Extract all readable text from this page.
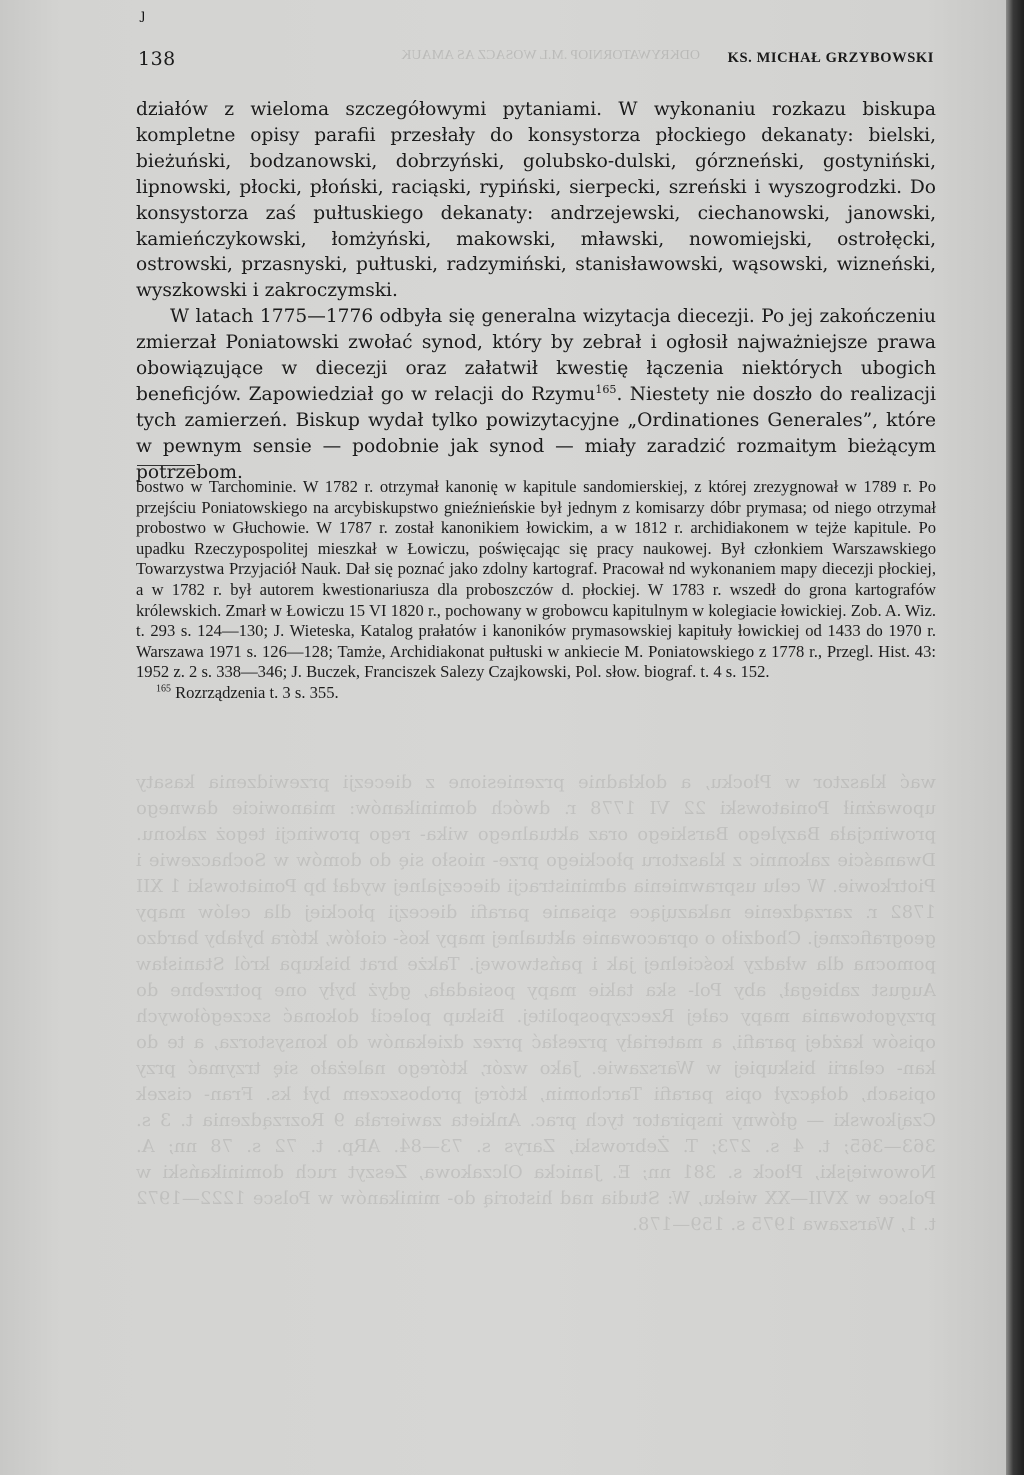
ȷ
ODKRYWATORNIOP .M.L WOSACZ AS AMAUK
138	KS. MICHAŁ GRZYBOWSKI

działów z wieloma szczegółowymi pytaniami. W wykonaniu rozkazu biskupa kompletne opisy parafii przesłały do konsystorza płockiego dekanaty: bielski, bieżuński, bodzanowski, dobrzyński, golubsko-dulski, górzneński, gostyniński, lipnowski, płocki, płoński, raciąski, rypiński, sierpecki, szreński i wyszogrodzki. Do konsystorza zaś pułtuskiego dekanaty: andrzejewski, ciechanowski, janowski, kamieńczykowski, łomżyński, makowski, mławski, nowomiejski, ostrołęcki, ostrowski, przasnyski, pułtuski, radzymiński, stanisławowski, wąsowski, wizneński, wyszkowski i zakroczymski.

W latach 1775—1776 odbyła się generalna wizytacja diecezji. Po jej zakończeniu zmierzał Poniatowski zwołać synod, który by zebrał i ogłosił najważniejsze prawa obowiązujące w diecezji oraz załatwił kwestię łączenia niektórych ubogich beneficjów. Zapowiedział go w relacji do Rzymu$^{165}$. Niestety nie doszło do realizacji tych zamierzeń. Biskup wydał tylko powizytacyjne „Ordinationes Generales”, które w pewnym sensie — podobnie jak synod — miały zaradzić rozmaitym bieżącym potrzebom.

bostwo w Tarchominie. W 1782 r. otrzymał kanonię w kapitule sandomierskiej, z której zrezygnował w 1789 r. Po przejściu Poniatowskiego na arcybiskupstwo gnieźnieńskie był jednym z komisarzy dóbr prymasa; od niego otrzymał probostwo w Głuchowie. W 1787 r. został kanonikiem łowickim, a w 1812 r. archidiakonem w tejże kapitule. Po upadku Rzeczypospolitej mieszkał w Łowiczu, poświęcając się pracy naukowej. Był członkiem Warszawskiego Towarzystwa Przyjaciół Nauk. Dał się poznać jako zdolny kartograf. Pracował nd wykonaniem mapy diecezji płockiej, a w 1782 r. był autorem kwestionariusza dla proboszczów d. płockiej. W 1783 r. wszedł do grona kartografów królewskich. Zmarł w Łowiczu 15 VI 1820 r., pochowany w grobowcu kapitulnym w kolegiacie łowickiej. Zob. A. Wiz. t. 293 s. 124—130; J. Wieteska, Katalog prałatów i kanoników prymasowskiej kapituły łowickiej od 1433 do 1970 r. Warszawa 1971 s. 126—128; Tamże, Archidiakonat pułtuski w ankiecie M. Poniatowskiego z 1778 r., Przegl. Hist. 43: 1952 z. 2 s. 338—346; J. Buczek, Franciszek Salezy Czajkowski, Pol. słow. biograf. t. 4 s. 152.

$^{165}$ Rozrządzenia t. 3 s. 355.

wać klasztor w Płocku, a dokładnie przeniesione z diecezji przewidzenia kasaty upoważnił Poniatowski 22 VI 1778 r. dwóch dominikanów: mianowicie dawnego prowincjała Bazylego Barskiego oraz aktualnego wika- rego prowincji tegoż zakonu. Dwanaście zakonnic z klasztoru płockiego prze- niosło się do domów w Sochaczewie i Piotrkowie. W celu usprawnienia administracji diecezjalnej wydał bp Poniatowski 1 XII 1782 r. zarządzenie nakazujące spisanie parafii diecezji płockiej dla celów mapy geograficznej. Chodziło o opracowanie aktualnej mapy koś- ciołów, która byłaby bardzo pomocna dla władzy kościelnej jak i państwowej. Także brat biskupa król Stanisław August zabiegał, aby Pol- ska takie mapy posiadała, gdyż były one potrzebne do przygotowania mapy całej Rzeczypospolitej. Biskup polecił dokonać szczegółowych opisów każdej parafii, a materiały przesłać przez dziekanów do konsystorza, a te do kan- celarii biskupiej w Warszawie. Jako wzór, którego należało się trzymać przy opisach, dołączył opis parafii Tarchomin, której proboszczem był ks. Fran- ciszek Czajkowski — główny inspirator tych prac. Ankieta zawierała 9 Rozrządzenia t. 3 s. 363—365; t. 4 s. 273; T. Żebrowski, Zarys s. 73—84. ARp. t. 72 s. 78 nn; A. Nowowiejski, Płock s. 381 nn; E. Janicka Olczakowa, Zeszyt ruch dominikański w Polsce w XVII—XX wieku, W: Studia nad historią do- minikanów w Polsce 1222—1972 t. 1, Warszawa 1975 s. 159—178.
